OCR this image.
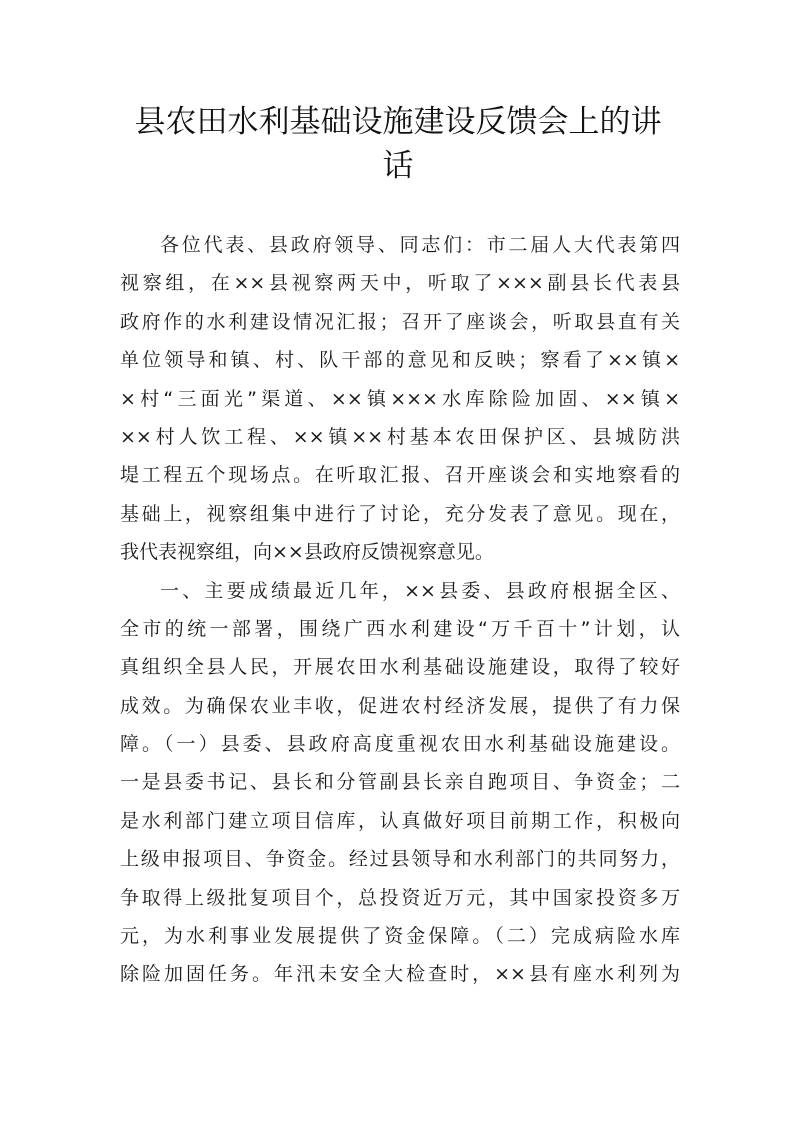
县农田水利基础设施建设反馈会上的讲
话
各位代表、县政府领导、同志们：市二届人大代表第四
视察组，在××县视察两天中，听取了×××副县长代表县
政府作的水利建设情况汇报；召开了座谈会，听取县直有关
单位领导和镇、村、队干部的意见和反映；察看了××镇×
×村“三面光”渠道、××镇×××水库除险加固、××镇×
××村人饮工程、××镇××村基本农田保护区、县城防洪
堤工程五个现场点。在听取汇报、召开座谈会和实地察看的
基础上，视察组集中进行了讨论，充分发表了意见。现在，
我代表视察组，向××县政府反馈视察意见。
一、主要成绩最近几年，××县委、县政府根据全区、
全市的统一部署，围绕广西水利建设“万千百十”计划，认
真组织全县人民，开展农田水利基础设施建设，取得了较好
成效。为确保农业丰收，促进农村经济发展，提供了有力保
障。（一）县委、县政府高度重视农田水利基础设施建设。
一是县委书记、县长和分管副县长亲自跑项目、争资金；二
是水利部门建立项目信库，认真做好项目前期工作，积极向
上级申报项目、争资金。经过县领导和水利部门的共同努力，
争取得上级批复项目个，总投资近万元，其中国家投资多万
元，为水利事业发展提供了资金保障。（二）完成病险水库
除险加固任务。年汛未安全大检查时，××县有座水利列为
